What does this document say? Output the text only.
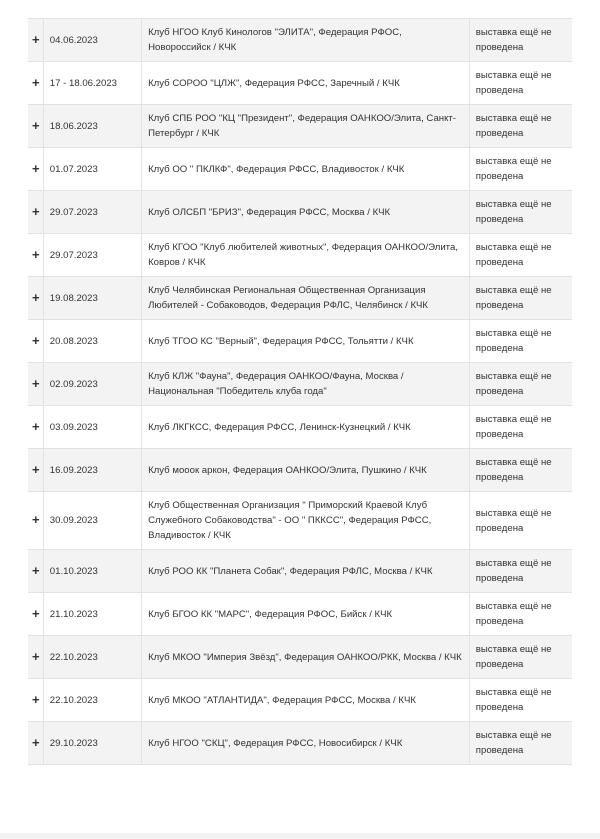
+	04.06.2023	Клуб НГОО Клуб Кинологов "ЭЛИТА", Федерация РФОС, Новороссийск / КЧК	выставка ещё не проведена
+	17 - 18.06.2023	Клуб СОРОО "ЦЛЖ", Федерация РФСС, Заречный / КЧК	выставка ещё не проведена
+	18.06.2023	Клуб СПБ РОО "КЦ "Президент", Федерация ОАНКОО/Элита, Санкт-Петербург / КЧК	выставка ещё не проведена
+	01.07.2023	Клуб ОО " ПКЛКФ", Федерация РФСС, Владивосток / КЧК	выставка ещё не проведена
+	29.07.2023	Клуб ОЛСБП "БРИЗ", Федерация РФСС, Москва / КЧК	выставка ещё не проведена
+	29.07.2023	Клуб КГОО "Клуб любителей животных", Федерация ОАНКОО/Элита, Ковров / КЧК	выставка ещё не проведена
+	19.08.2023	Клуб Челябинская Региональная Общественная Организация Любителей - Собаководов, Федерация РФЛС, Челябинск / КЧК	выставка ещё не проведена
+	20.08.2023	Клуб ТГОО КС "Верный", Федерация РФСС, Тольятти / КЧК	выставка ещё не проведена
+	02.09.2023	Клуб КЛЖ "Фауна", Федерация ОАНКОО/Фауна, Москва / Национальная "Победитель клуба года"	выставка ещё не проведена
+	03.09.2023	Клуб ЛКГКСС, Федерация РФСС, Ленинск-Кузнецкий / КЧК	выставка ещё не проведена
+	16.09.2023	Клуб мооок аркон, Федерация ОАНКОО/Элита, Пушкино / КЧК	выставка ещё не проведена
+	30.09.2023	Клуб Общественная Организация " Приморский Краевой Клуб Служебного Собаководства" - ОО " ПККСС", Федерация РФСС, Владивосток / КЧК	выставка ещё не проведена
+	01.10.2023	Клуб РОО КК "Планета Собак", Федерация РФЛС, Москва / КЧК	выставка ещё не проведена
+	21.10.2023	Клуб БГОО КК "МАРС", Федерация РФОС, Бийск / КЧК	выставка ещё не проведена
+	22.10.2023	Клуб МКОО "Империя Звёзд", Федерация ОАНКОО/РКК, Москва / КЧК	выставка ещё не проведена
+	22.10.2023	Клуб МКОО "АТЛАНТИДА", Федерация РФСС, Москва / КЧК	выставка ещё не проведена
+	29.10.2023	Клуб НГОО "СКЦ", Федерация РФСС, Новосибирск / КЧК	выставка ещё не проведена
